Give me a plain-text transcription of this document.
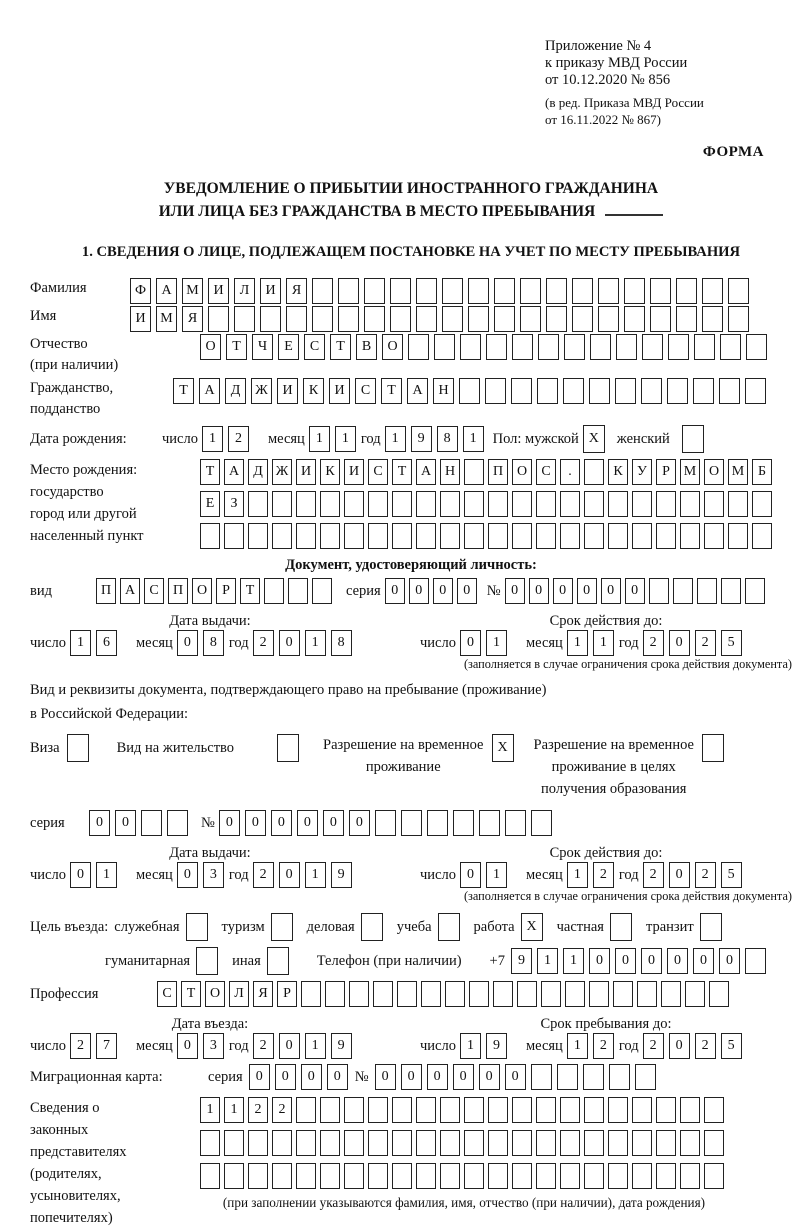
Приложение № 4
к приказу МВД России
от 10.12.2020 № 856
(в ред. Приказа МВД России
от 16.11.2022 № 867)
ФОРМА
УВЕДОМЛЕНИЕ О ПРИБЫТИИ ИНОСТРАННОГО ГРАЖДАНИНА
ИЛИ ЛИЦА БЕЗ ГРАЖДАНСТВА В МЕСТО ПРЕБЫВАНИЯ
1. СВЕДЕНИЯ О ЛИЦЕ, ПОДЛЕЖАЩЕМ ПОСТАНОВКЕ НА УЧЕТ ПО МЕСТУ ПРЕБЫВАНИЯ
Фамилия	Ф	А	М	И	Л	И	Я
Имя	И	М	Я
Отчество
(при наличии)
О	Т	Ч	Е	С	Т	В	О
Гражданство,
подданство
Т	А	Д	Ж	И	К	И	С	Т	А	Н
Дата рождения:	число 1	2	месяц 1	1 год 1	9	8	1	Пол: мужской X	женский
Место рождения:
государство
город или другой
населенный пункт
Т	А	Д Ж И	К	И	С	Т	А Н	П О	С	.	К	У	Р М О М Б
Е	З
Документ, удостоверяющий личность:
вид	П А	С	П О	Р	Т	серия 0	0	0	0	№ 0	0	0	0	0	0
Дата выдачи:
число 1	6	месяц 0	8 год 2	0	1	8
Срок действия до:
число 0	1	месяц 1	1 год 2	0	2	5
(заполняется в случае ограничения срока действия документа)
Вид и реквизиты документа, подтверждающего право на пребывание (проживание)
в Российской Федерации:
Виза	Вид на жительство	Разрешение на временное
проживание
X	Разрешение на временное
проживание в целях
получения образования
серия	0	0	№ 0	0	0	0	0	0
Дата выдачи:
число 0	1	месяц 0	3 год 2	0	1	9
Срок действия до:
число 0	1	месяц 1	2 год 2	0	2	5
(заполняется в случае ограничения срока действия документа)
Цель въезда: служебная	туризм	деловая	учеба	работа X	частная	транзит
гуманитарная	иная	Телефон (при наличии) +7 9	1	1	0	0	0	0	0	0
Профессия	С	Т	О	Л	Я	Р
Дата въезда:
число 2	7	месяц 0	3 год 2	0	1	9
Срок пребывания до:
число 1	9	месяц 1	2 год 2	0	2	5
Миграционная карта:	серия 0	0	0	0 № 0	0	0	0	0	0
Сведения о
законных
представителях
(родителях,
усыновителях,
попечителях)
1	1	2	2
(при заполнении указываются фамилия, имя, отчество (при наличии), дата рождения)
